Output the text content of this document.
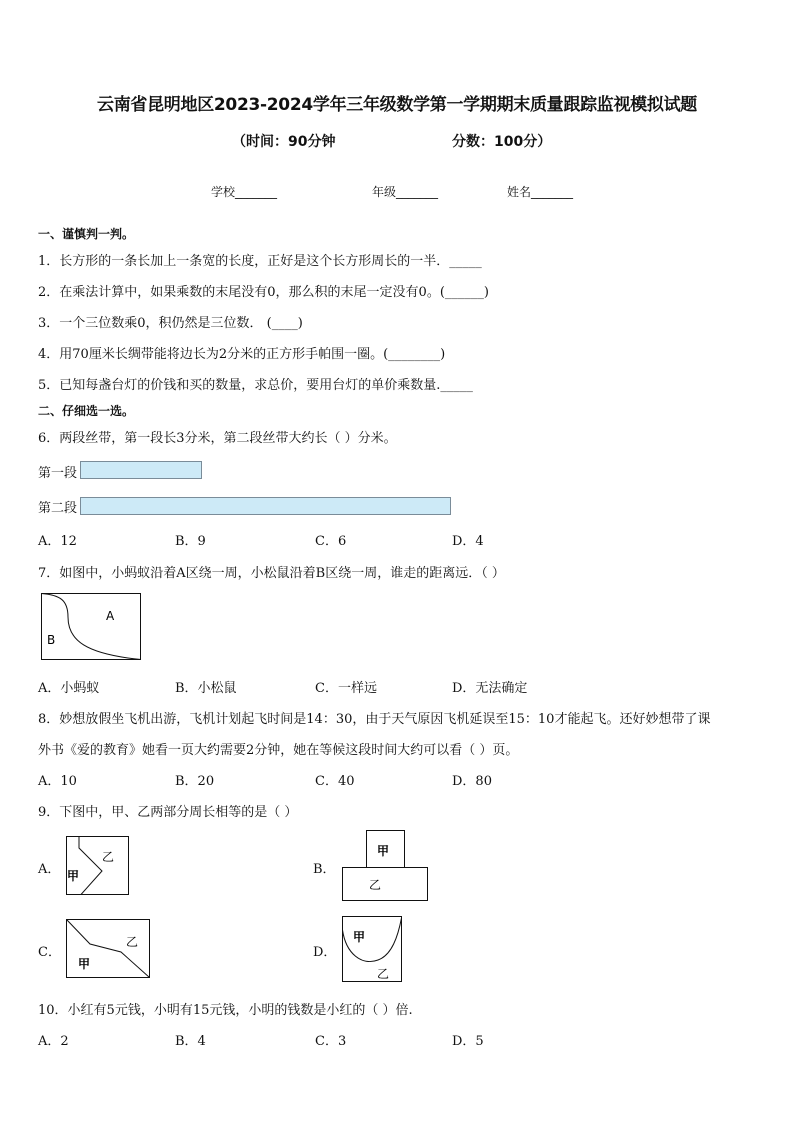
云南省昆明地区2023-2024学年三年级数学第一学期期末质量跟踪监视模拟试题
（时间：90分钟	分数：100分）
学校_______	年级_______	姓名_______
一、谨慎判一判。
1．长方形的一条长加上一条宽的长度，正好是这个长方形周长的一半．_____
2．在乘法计算中，如果乘数的末尾没有0，那么积的末尾一定没有0。(______)
3．一个三位数乘0，积仍然是三位数． (____)
4．用70厘米长绸带能将边长为2分米的正方形手帕围一圈。(________)
5．已知每盏台灯的价钱和买的数量，求总价，要用台灯的单价乘数量._____
二、仔细选一选。
6．两段丝带，第一段长3分米，第二段丝带大约长（ ）分米。
第一段
第二段
A．12	B．9	C．6	D．4
7．如图中，小蚂蚁沿着A区绕一周，小松鼠沿着B区绕一周，谁走的距离远．（ ）
A
B
A．小蚂蚁	B．小松鼠	C．一样远	D．无法确定
8．妙想放假坐飞机出游，飞机计划起飞时间是14：30，由于天气原因飞机延误至15：10才能起飞。还好妙想带了课
外书《爱的教育》她看一页大约需要2分钟，她在等候这段时间大约可以看（ ）页。
A．10	B．20	C．40	D．80
9．下图中，甲、乙两部分周长相等的是（ ）
A．
乙
甲	B．
甲
乙
C．
乙
甲
D．
甲
乙
10．小红有5元钱，小明有15元钱，小明的钱数是小红的（ ）倍.
A．2	B．4	C．3	D．5
